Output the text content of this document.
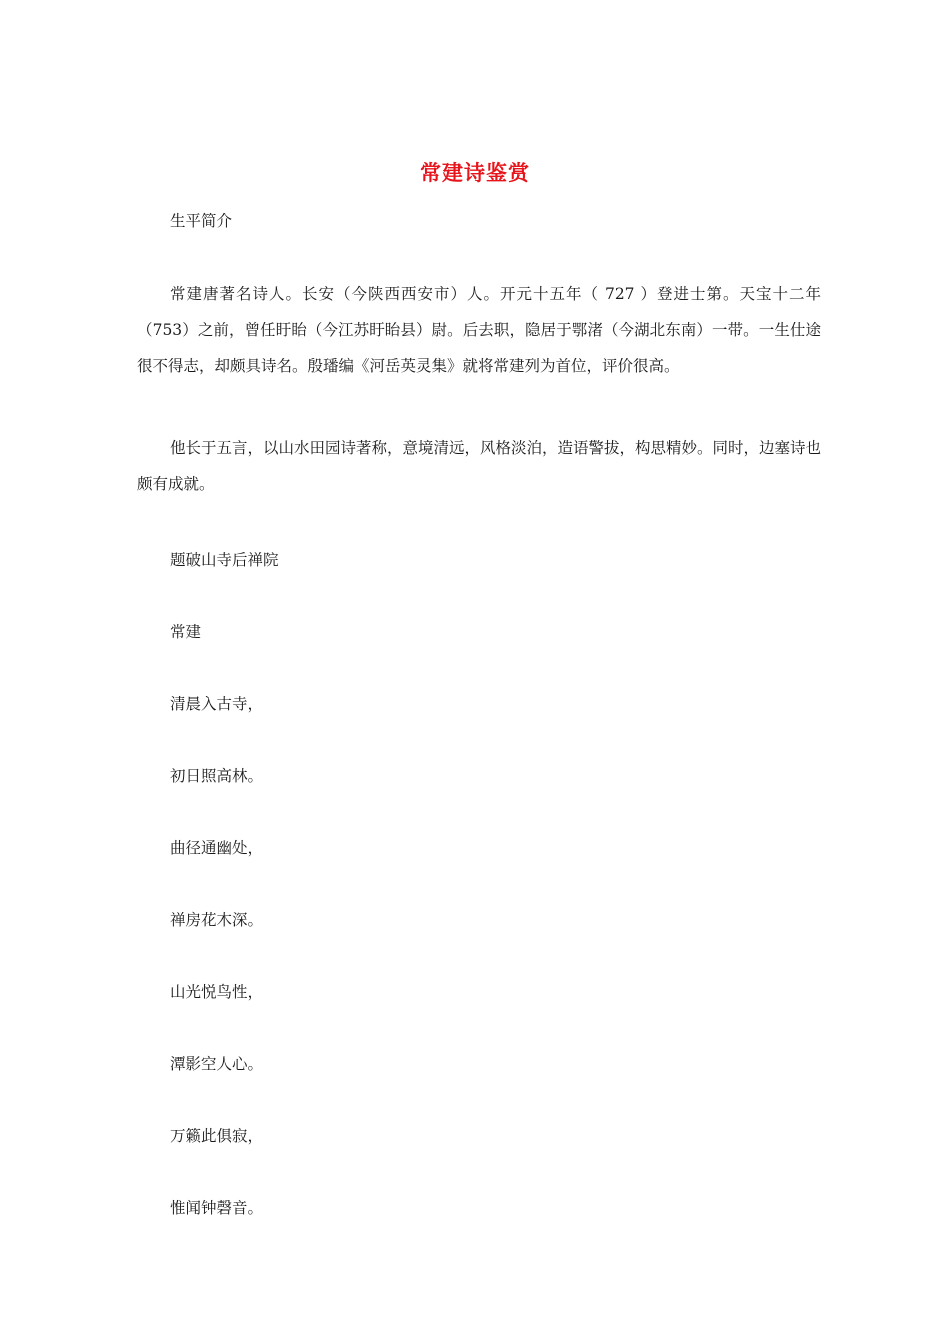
常建诗鉴赏

生平简介

常建唐著名诗人。长安（今陕西西安市）人。开元十五年（ 727 ）登进士第。天宝十二年（753）之前，曾任盱眙（今江苏盱眙县）尉。后去职，隐居于鄂渚（今湖北东南）一带。一生仕途很不得志，却颇具诗名。殷璠编《河岳英灵集》就将常建列为首位，评价很高。

他长于五言，以山水田园诗著称，意境清远，风格淡泊，造语警拔，构思精妙。同时，边塞诗也颇有成就。

题破山寺后禅院

常建

清晨入古寺，

初日照高林。

曲径通幽处，

禅房花木深。

山光悦鸟性，

潭影空人心。

万籁此俱寂，

惟闻钟磬音。
